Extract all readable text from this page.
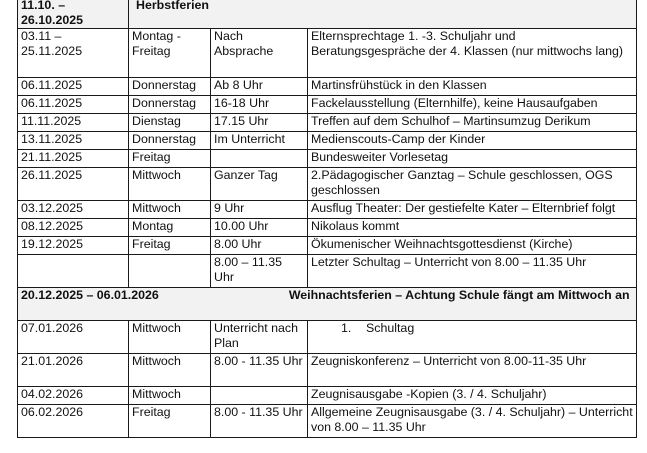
11.10. – 26.10.2025	Herbstferien		

03.11 – 25.11.2025	Montag - Freitag	Nach Absprache	Elternsprechtage 1. -3. Schuljahr und Beratungsgespräche der 4. Klassen (nur mittwochs lang)
06.11.2025	Donnerstag	Ab 8 Uhr	Martinsfrühstück in den Klassen
06.11.2025	Donnerstag	16-18 Uhr	Fackelausstellung (Elternhilfe), keine Hausaufgaben
11.11.2025	Dienstag	17.15 Uhr	Treffen auf dem Schulhof – Martinsumzug Derikum
13.11.2025	Donnerstag	Im Unterricht	Medienscouts-Camp der Kinder
21.11.2025	Freitag		Bundesweiter Vorlesetag
26.11.2025	Mittwoch	Ganzer Tag	2.Pädagogischer Ganztag – Schule geschlossen, OGS geschlossen
03.12.2025	Mittwoch	9 Uhr	Ausflug Theater: Der gestiefelte Kater – Elternbrief folgt
08.12.2025	Montag	10.00 Uhr	Nikolaus kommt
19.12.2025	Freitag	8.00 Uhr	Ökumenischer Weihnachtsgottesdienst (Kirche)
		8.00 – 11.35 Uhr	Letzter Schultag – Unterricht von 8.00 – 11.35 Uhr

20.12.2025 – 06.01.2026 Weihnachtsferien – Achtung Schule fängt am Mittwoch an			

07.01.2026	Mittwoch	Unterricht nach Plan	1. Schultag

21.01.2026	Mittwoch	8.00 - 11.35 Uhr	Zeugniskonferenz – Unterricht von 8.00-11-35 Uhr
04.02.2026	Mittwoch		Zeugnisausgabe -Kopien (3. / 4. Schuljahr)
06.02.2026	Freitag	8.00 - 11.35 Uhr	Allgemeine Zeugnisausgabe (3. / 4. Schuljahr) – Unterricht von 8.00 – 11.35 Uhr
